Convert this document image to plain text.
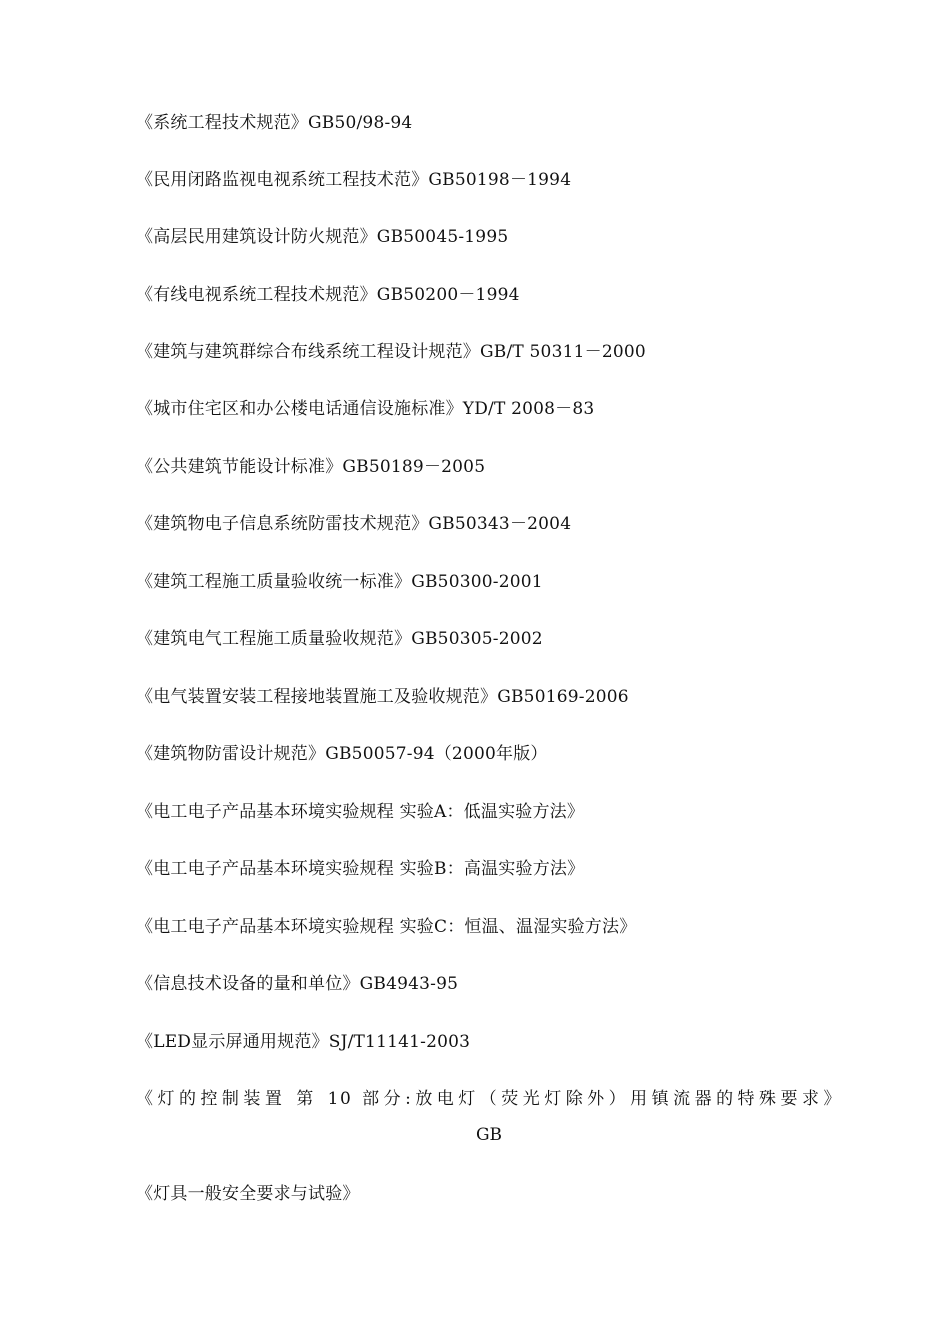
《系统工程技术规范》GB50/98-94
《民用闭路监视电视系统工程技术范》GB50198－1994
《高层民用建筑设计防火规范》GB50045-1995
《有线电视系统工程技术规范》GB50200－1994
《建筑与建筑群综合布线系统工程设计规范》GB/T 50311－2000
《城市住宅区和办公楼电话通信设施标准》YD/T 2008－83
《公共建筑节能设计标准》GB50189－2005
《建筑物电子信息系统防雷技术规范》GB50343－2004
《建筑工程施工质量验收统一标准》GB50300-2001
《建筑电气工程施工质量验收规范》GB50305-2002
《电气装置安装工程接地装置施工及验收规范》GB50169-2006
《建筑物防雷设计规范》GB50057-94（2000年版）
《电工电子产品基本环境实验规程 实验A：低温实验方法》
《电工电子产品基本环境实验规程 实验B：高温实验方法》
《电工电子产品基本环境实验规程 实验C：恒温、温湿实验方法》
《信息技术设备的量和单位》GB4943-95
《LED显示屏通用规范》SJ/T11141-2003
《灯的控制装置 第 10 部分:放电灯（荧光灯除外）用镇流器的特殊要求》
GB
《灯具一般安全要求与试验》
